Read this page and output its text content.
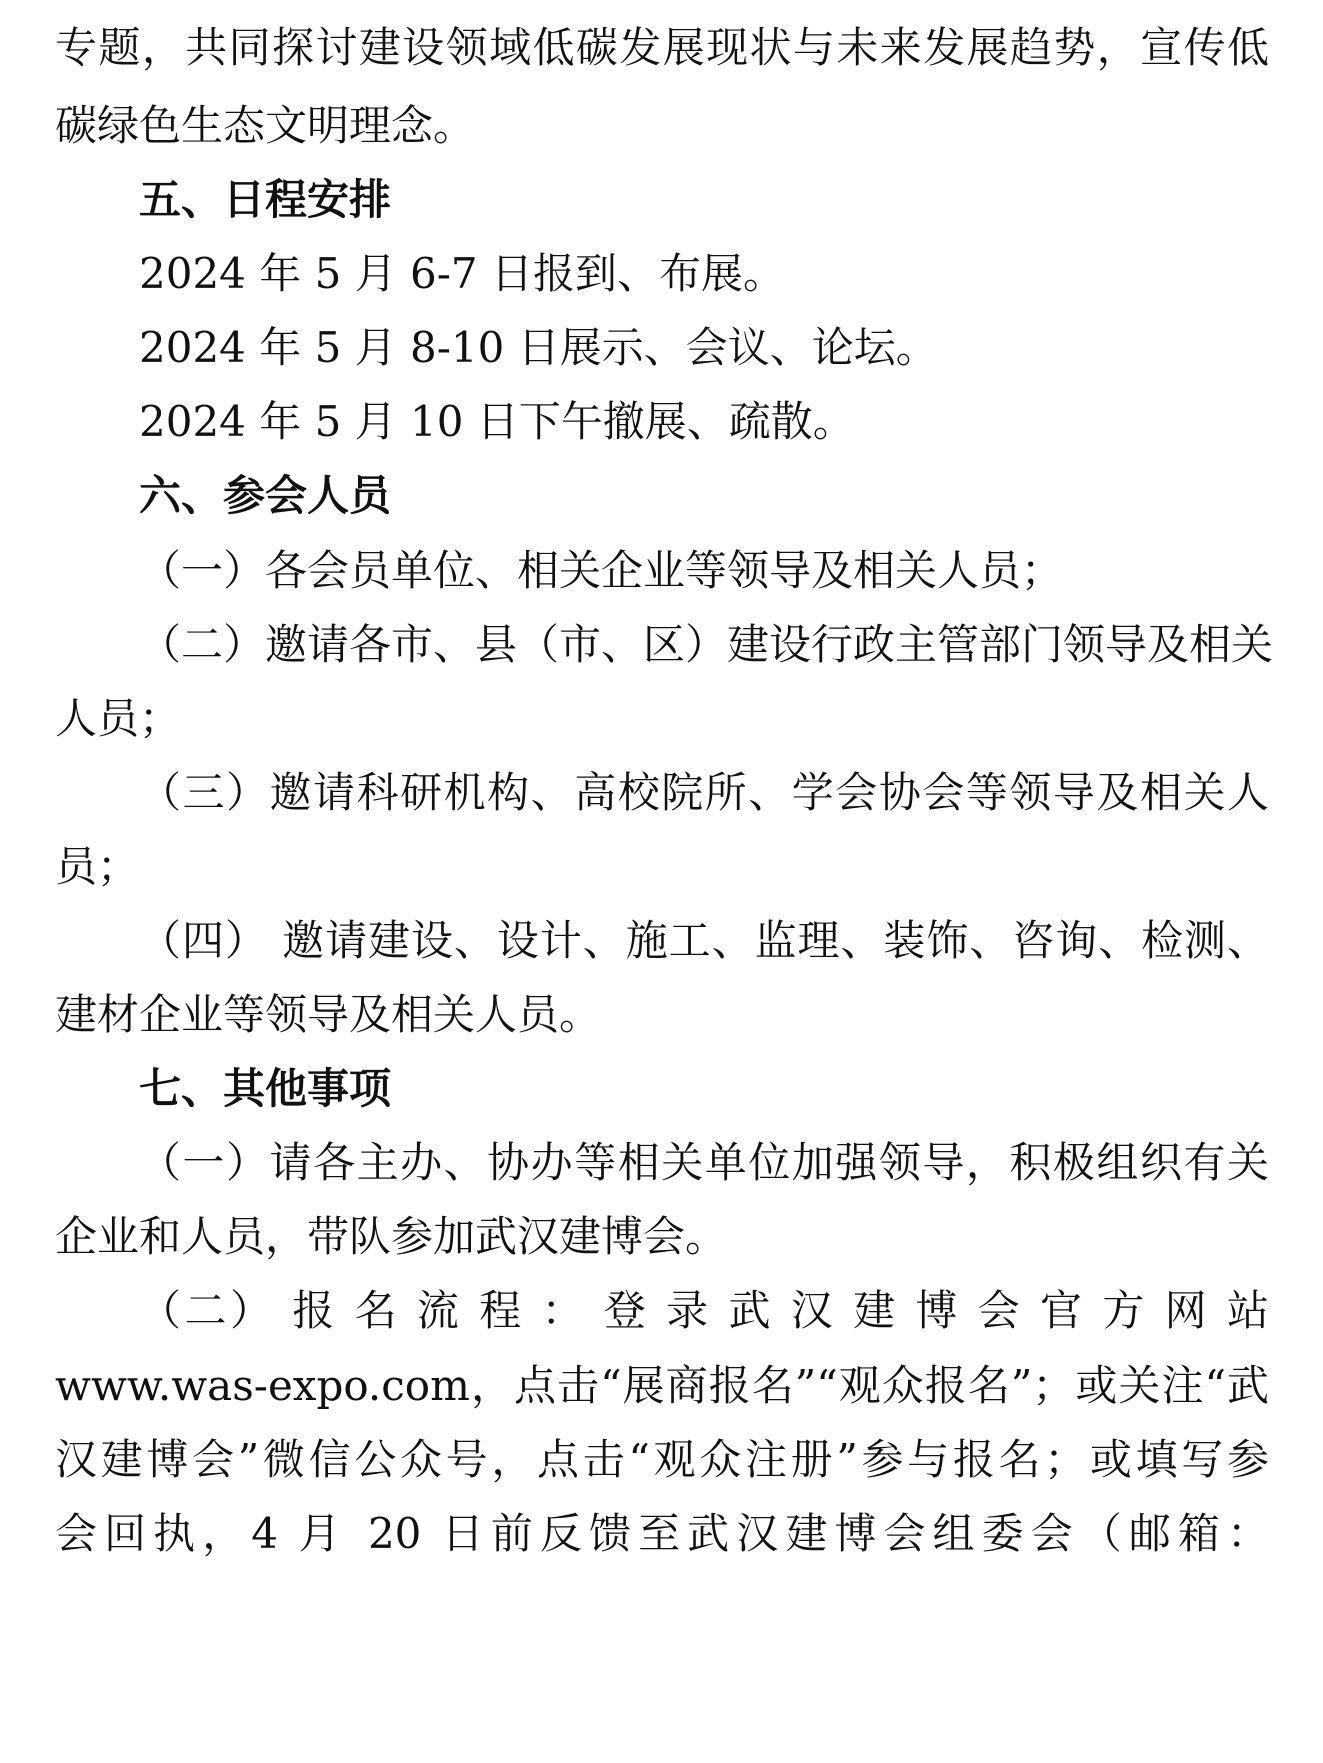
专题，共同探讨建设领域低碳发展现状与未来发展趋势，宣传低
碳绿色生态文明理念。
五、日程安排
2024 年 5 月 6-7 日报到、布展。
2024 年 5 月 8-10 日展示、会议、论坛。
2024 年 5 月 10 日下午撤展、疏散。
六、参会人员
（一）各会员单位、相关企业等领导及相关人员；
（二）邀请各市、县（市、区）建设行政主管部门领导及相关
人员；
（三）邀请科研机构、高校院所、学会协会等领导及相关人
员；
（四） 邀请建设、设计、施工、监理、装饰、咨询、检测、
建材企业等领导及相关人员。
七、其他事项
（一）请各主办、协办等相关单位加强领导，积极组织有关
企业和人员，带队参加武汉建博会。
（二） 报 名 流 程 ： 登 录 武 汉 建 博 会 官 方 网 站
www.was-expo.com，点击“展商报名”“观众报名”；或关注“武
汉建博会”微信公众号，点击“观众注册”参与报名；或填写参
会回执，4 月 20 日前反馈至武汉建博会组委会（邮箱：
